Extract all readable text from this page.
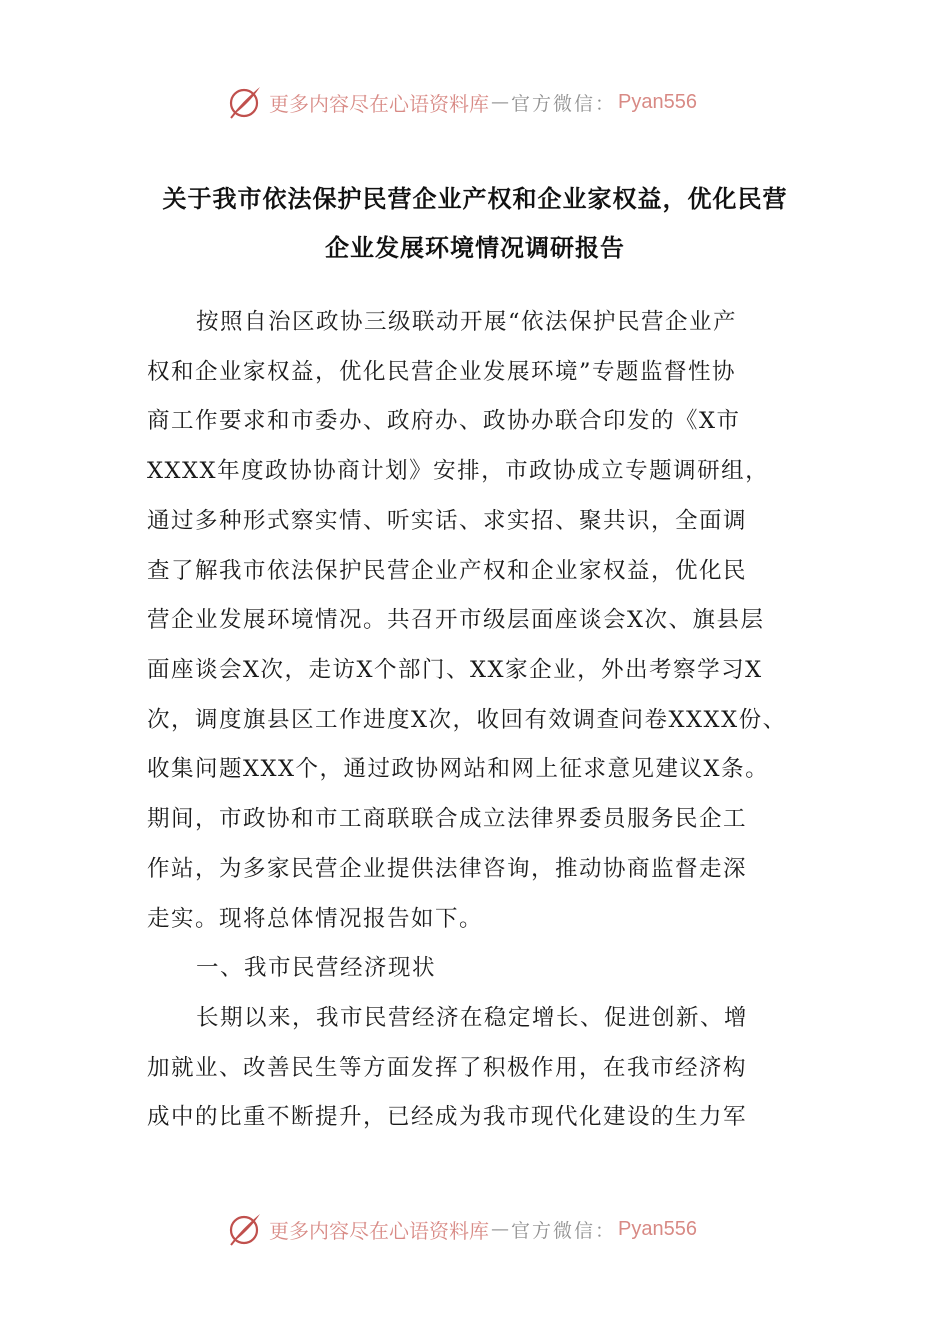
更多内容尽在心语资料库 — 官方微信： Pyan556
关于我市依法保护民营企业产权和企业家权益，优化民营
企业发展环境情况调研报告
按照自治区政协三级联动开展“依法保护民营企业产
权和企业家权益，优化民营企业发展环境”专题监督性协
商工作要求和市委办、政府办、政协办联合印发的《X市
XXXX年度政协协商计划》安排，市政协成立专题调研组，
通过多种形式察实情、听实话、求实招、聚共识，全面调
查了解我市依法保护民营企业产权和企业家权益，优化民
营企业发展环境情况。共召开市级层面座谈会X次、旗县层
面座谈会X次，走访X个部门、XX家企业，外出考察学习X
次，调度旗县区工作进度X次，收回有效调查问卷XXXX份、
收集问题XXX个，通过政协网站和网上征求意见建议X条。
期间，市政协和市工商联联合成立法律界委员服务民企工
作站，为多家民营企业提供法律咨询，推动协商监督走深
走实。现将总体情况报告如下。
一、我市民营经济现状
长期以来，我市民营经济在稳定增长、促进创新、增
加就业、改善民生等方面发挥了积极作用，在我市经济构
成中的比重不断提升，已经成为我市现代化建设的生力军
更多内容尽在心语资料库 — 官方微信： Pyan556
